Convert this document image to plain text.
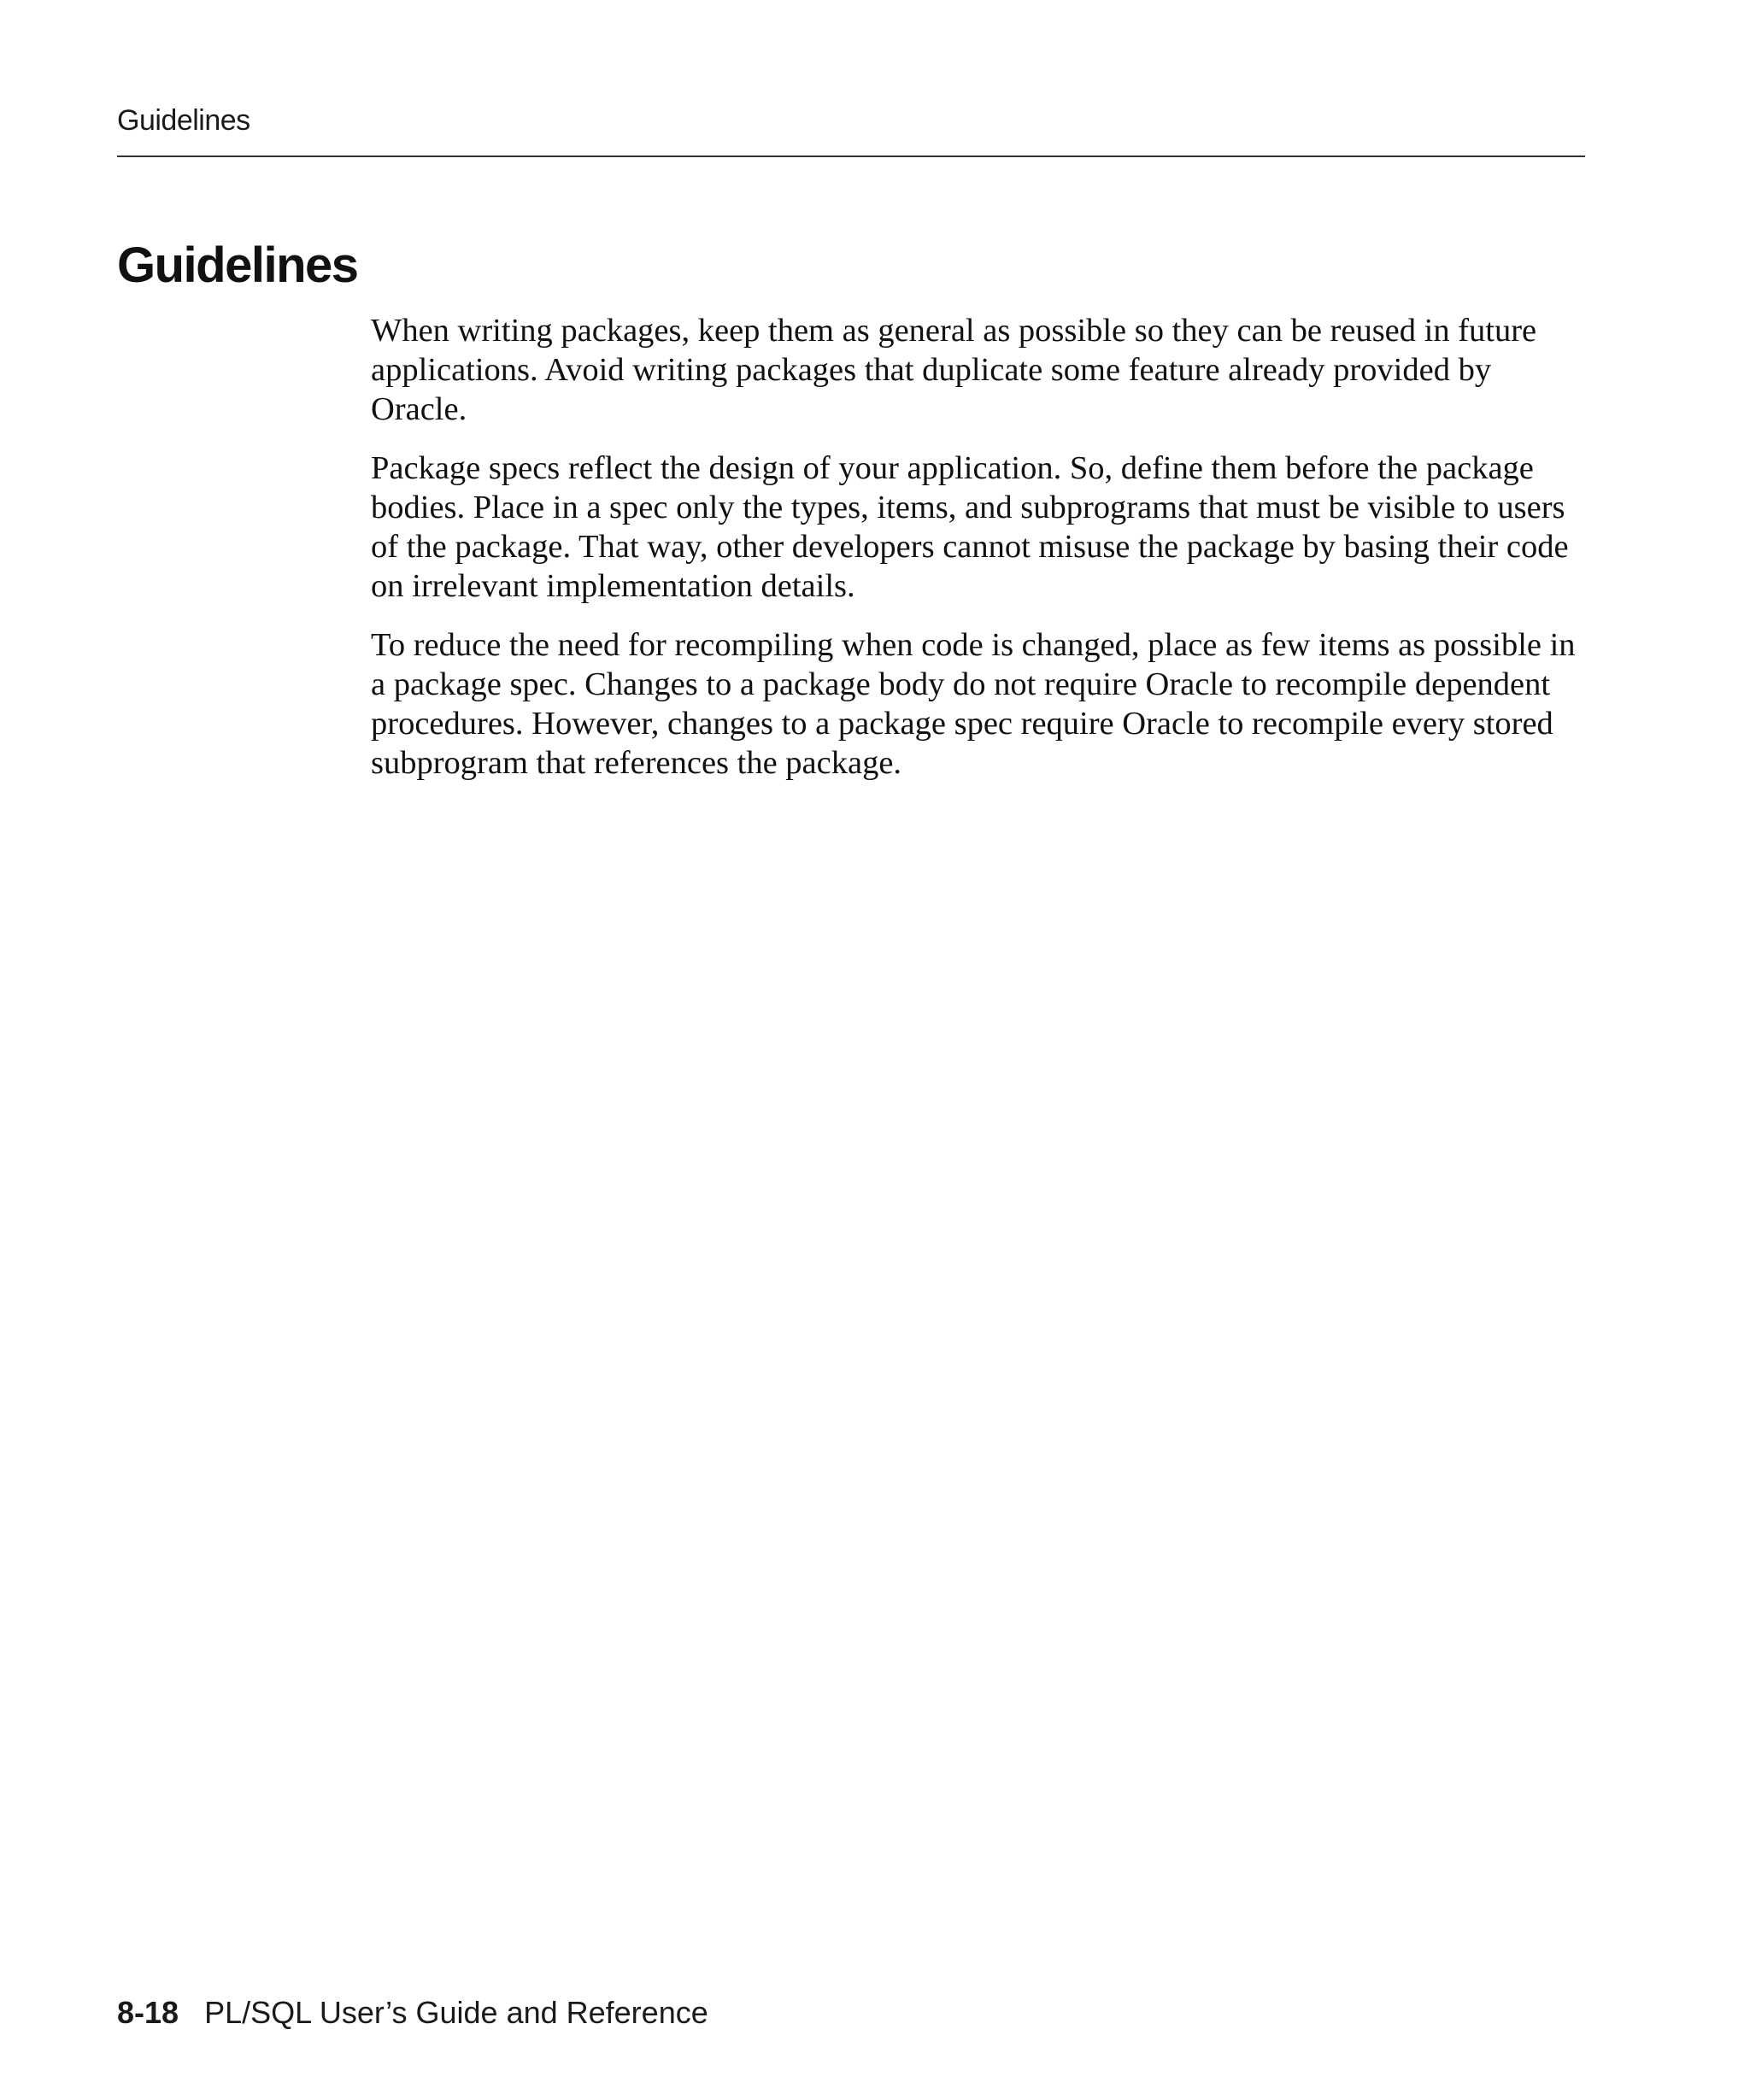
Guidelines
Guidelines

When writing packages, keep them as general as possible so they can be reused in future applications. Avoid writing packages that duplicate some feature already provided by Oracle.

Package specs reflect the design of your application. So, define them before the package bodies. Place in a spec only the types, items, and subprograms that must be visible to users of the package. That way, other developers cannot misuse the package by basing their code on irrelevant implementation details.

To reduce the need for recompiling when code is changed, place as few items as possible in a package spec. Changes to a package body do not require Oracle to recompile dependent procedures. However, changes to a package spec require Oracle to recompile every stored subprogram that references the package.

8-18 PL/SQL User’s Guide and Reference
